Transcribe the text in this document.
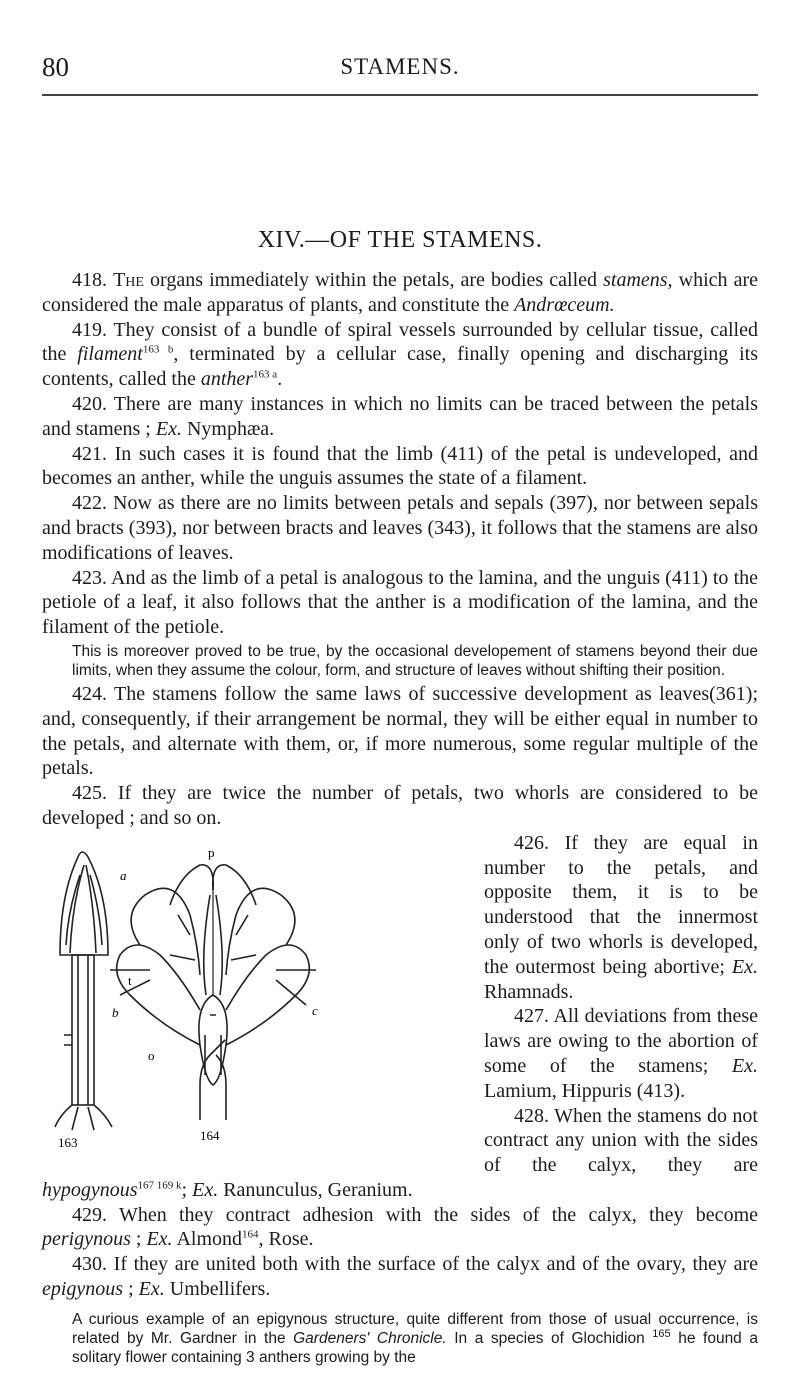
80	STAMENS.
XIV.—OF THE STAMENS.

418. The organs immediately within the petals, are bodies called stamens, which are considered the male apparatus of plants, and constitute the Andrœceum.

419. They consist of a bundle of spiral vessels surrounded by cellular tissue, called the filament$^{163 b}$, terminated by a cellular case, finally opening and discharging its contents, called the anther$^{163 a}$.

420. There are many instances in which no limits can be traced between the petals and stamens ; Ex. Nymphæa.

421. In such cases it is found that the limb (411) of the petal is undeveloped, and becomes an anther, while the unguis assumes the state of a filament.

422. Now as there are no limits between petals and sepals (397), nor between sepals and bracts (393), nor between bracts and leaves (343), it follows that the stamens are also modifications of leaves.

423. And as the limb of a petal is analogous to the lamina, and the unguis (411) to the petiole of a leaf, it also follows that the anther is a modification of the lamina, and the filament of the petiole.

This is moreover proved to be true, by the occasional developement of stamens beyond their due limits, when they assume the colour, form, and structure of leaves without shifting their position.

424. The stamens follow the same laws of successive development as leaves(361); and, consequently, if their arrangement be normal, they will be either equal in number to the petals, and alternate with them, or, if more numerous, some regular multiple of the petals.

425. If they are twice the number of petals, two whorls are considered to be developed ; and so on.

a
b
t
o
c
p
163	164

426. If they are equal in number to the petals, and opposite them, it is to be understood that the innermost only of two whorls is developed, the outermost being abortive; Ex. Rhamnads.

427. All deviations from these laws are owing to the abortion of some of the stamens; Ex. Lamium, Hippuris (413).

428. When the stamens do not contract any union with the sides of the calyx, they are hypogynous$^{167 169 k}$; Ex. Ranunculus, Geranium.

429. When they contract adhesion with the sides of the calyx, they become perigynous ; Ex. Almond$^{164}$, Rose.

430. If they are united both with the surface of the calyx and of the ovary, they are epigynous ; Ex. Umbellifers.

A curious example of an epigynous structure, quite different from those of usual occurrence, is related by Mr. Gardner in the Gardeners' Chronicle. In a species of Glochidion $^{165}$ he found a solitary flower containing 3 anthers growing by the
